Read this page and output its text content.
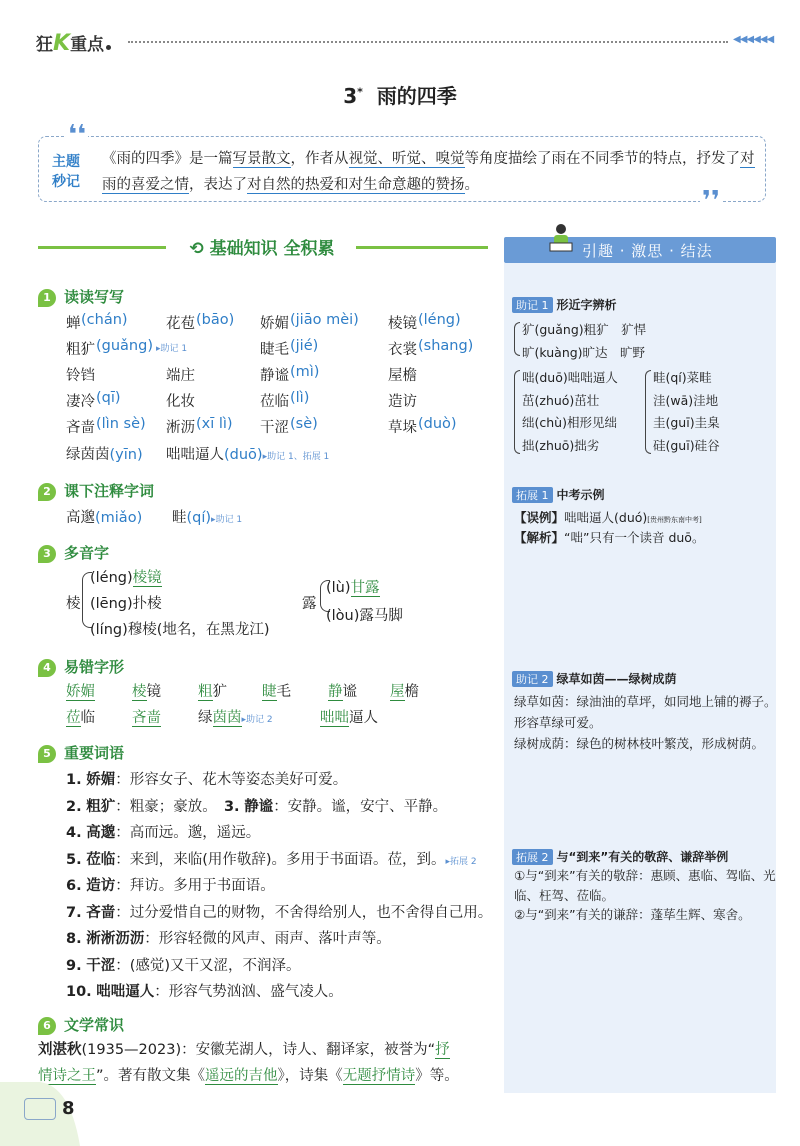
狂K重点	◀◀◀◀◀◀
3* 雨的四季
❛❛
❜❜
主题
秒记
《雨的四季》是一篇写景散文，作者从视觉、听觉、嗅觉等角度描绘了雨在不同季节的特点，抒发了对雨的喜爱之情，表达了对自然的热爱和对生命意趣的赞扬。
⟲ 基础知识 全积累	引趣 · 激思 · 结法
1 读读写写
蝉 (chán)	花苞 (bāo) 娇媚 (jiāo mèi) 棱镜 (léng)
粗犷 (guǎng) ▸助记 1	睫毛 (jié)	衣裳 (shang)
铃铛	端庄	静谧 (mì)	屋檐
凄冷 (qī)	化妆	莅临 (lì)	造访
吝啬 (lìn sè) 淅沥 (xī lì) 干涩 (sè)	草垛 (duò)
绿茵茵(yīn) 咄咄逼人(duō)▸助记 1、拓展 1
2 课下注释字词
高邈(miǎo) 畦(qí)▸助记 1
3 多音字
棱
(léng)棱镜
(lēng)扑棱
(líng)穆棱(地名，在黑龙江)
露
(lù)甘露
(lòu)露马脚
4 易错字形
娇媚	棱镜	粗犷 睫毛	静谧 屋檐
莅临	吝啬	绿茵茵▸助记 2	咄咄逼人
5 重要词语
1. 娇媚：形容女子、花木等姿态美好可爱。
2. 粗犷：粗豪；豪放。　 3. 静谧：安静。谧，安宁、平静。
4. 高邈：高而远。邈，遥远。
5. 莅临：来到，来临(用作敬辞)。多用于书面语。莅，到。▸拓展 2
6. 造访：拜访。多用于书面语。
7. 吝啬：过分爱惜自己的财物，不舍得给别人，也不舍得自己用。
8. 淅淅沥沥：形容轻微的风声、雨声、落叶声等。
9. 干涩：(感觉)又干又涩，不润泽。
10. 咄咄逼人：形容气势汹汹、盛气凌人。
6 文学常识
刘湛秋(1935—2023)：安徽芜湖人，诗人、翻译家，被誉为“抒
情诗之王”。著有散文集《遥远的吉他》，诗集《无题抒情诗》等。
助记 1 形近字辨析
犷(guǎng)粗犷　犷悍
旷(kuàng)旷达　旷野
咄(duō)咄咄逼人
茁(zhuó)茁壮
绌(chù)相形见绌
拙(zhuō)拙劣
畦(qí)菜畦
洼(wā)洼地
圭(guī)圭臬
硅(guī)硅谷
拓展 1 中考示例
【误例】咄咄逼人(duó)[贵州黔东南中考]
【解析】“咄”只有一个读音 duō。
助记 2 绿草如茵——绿树成荫
绿草如茵：绿油油的草坪，如同地上铺的褥子。
形容草绿可爱。
绿树成荫：绿色的树林枝叶繁茂，形成树荫。
拓展 2 与“到来”有关的敬辞、谦辞举例
①与“到来”有关的敬辞：惠顾、惠临、驾临、光
临、枉驾、莅临。
②与“到来”有关的谦辞：蓬荜生辉、寒舍。
8
